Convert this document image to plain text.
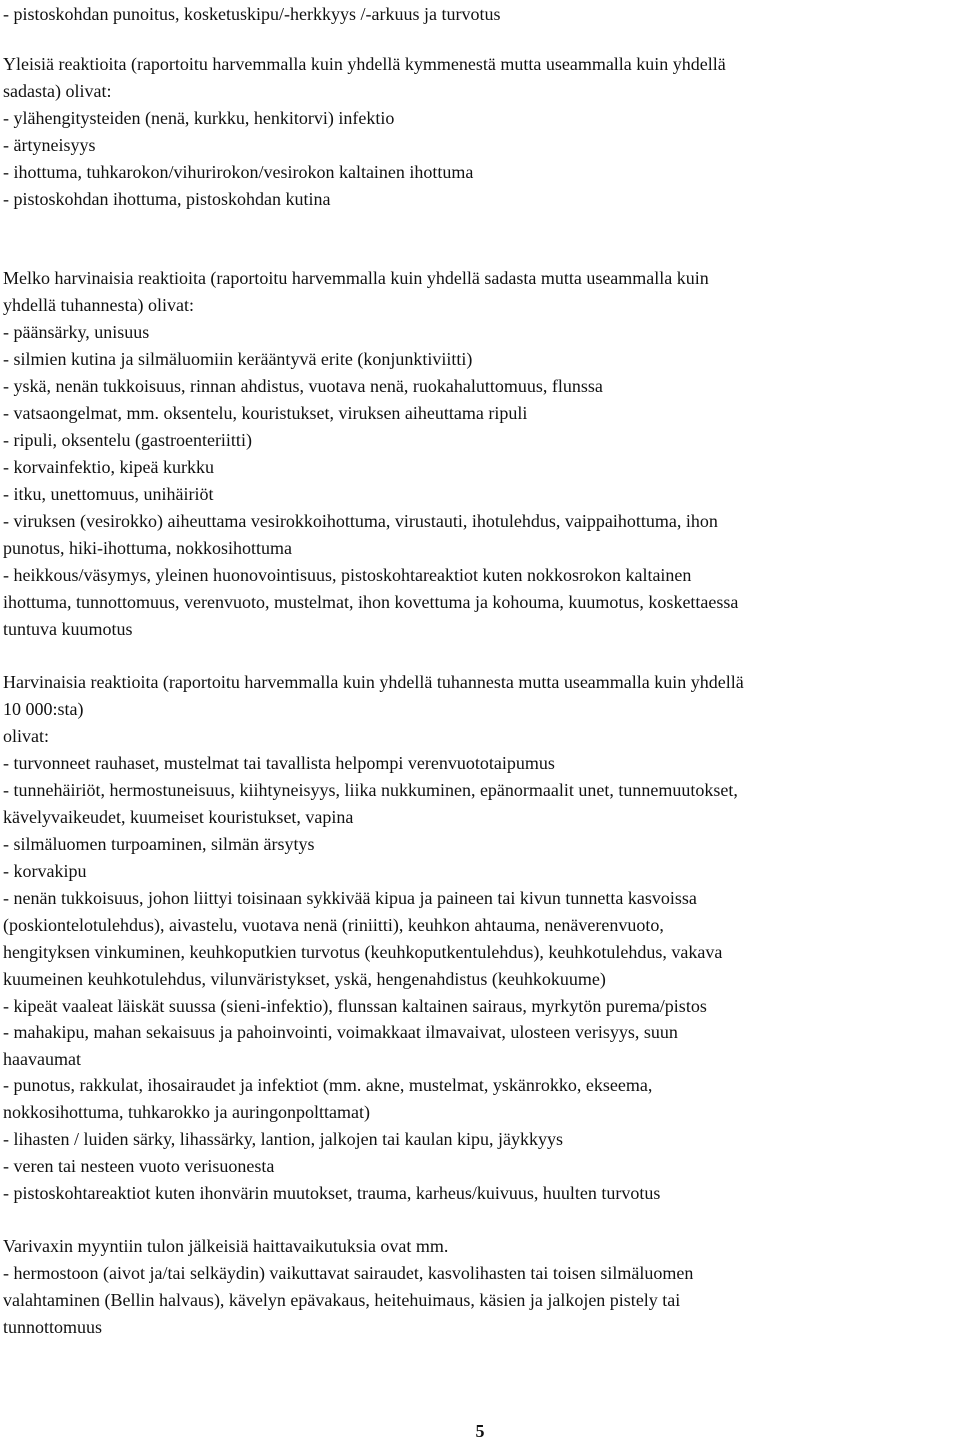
- pistoskohdan punoitus, kosketuskipu/-herkkyys /-arkuus ja turvotus
Yleisiä reaktioita (raportoitu harvemmalla kuin yhdellä kymmenestä mutta useammalla kuin yhdellä
sadasta) olivat:
- ylähengitysteiden (nenä, kurkku, henkitorvi) infektio
- ärtyneisyys
- ihottuma, tuhkarokon/vihurirokon/vesirokon kaltainen ihottuma
- pistoskohdan ihottuma, pistoskohdan kutina
Melko harvinaisia reaktioita (raportoitu harvemmalla kuin yhdellä sadasta mutta useammalla kuin
yhdellä tuhannesta) olivat:
- päänsärky, unisuus
- silmien kutina ja silmäluomiin kerääntyvä erite (konjunktiviitti)
- yskä, nenän tukkoisuus, rinnan ahdistus, vuotava nenä, ruokahaluttomuus, flunssa
- vatsaongelmat, mm. oksentelu, kouristukset, viruksen aiheuttama ripuli
- ripuli, oksentelu (gastroenteriitti)
- korvainfektio, kipeä kurkku
- itku, unettomuus, unihäiriöt
- viruksen (vesirokko) aiheuttama vesirokkoihottuma, virustauti, ihotulehdus, vaippaihottuma, ihon
punotus, hiki-ihottuma, nokkosihottuma
- heikkous/väsymys, yleinen huonovointisuus, pistoskohtareaktiot kuten nokkosrokon kaltainen
ihottuma, tunnottomuus, verenvuoto, mustelmat, ihon kovettuma ja kohouma, kuumotus, koskettaessa
tuntuva kuumotus
Harvinaisia reaktioita (raportoitu harvemmalla kuin yhdellä tuhannesta mutta useammalla kuin yhdellä
10 000:sta)
olivat:
- turvonneet rauhaset, mustelmat tai tavallista helpompi verenvuototaipumus
- tunnehäiriöt, hermostuneisuus, kiihtyneisyys, liika nukkuminen, epänormaalit unet, tunnemuutokset,
kävelyvaikeudet, kuumeiset kouristukset, vapina
- silmäluomen turpoaminen, silmän ärsytys
- korvakipu
- nenän tukkoisuus, johon liittyi toisinaan sykkivää kipua ja paineen tai kivun tunnetta kasvoissa
(poskiontelotulehdus), aivastelu, vuotava nenä (riniitti), keuhkon ahtauma, nenäverenvuoto,
hengityksen vinkuminen, keuhkoputkien turvotus (keuhkoputkentulehdus), keuhkotulehdus, vakava
kuumeinen keuhkotulehdus, vilunväristykset, yskä, hengenahdistus (keuhkokuume)
- kipeät vaaleat läiskät suussa (sieni-infektio), flunssan kaltainen sairaus, myrkytön purema/pistos
- mahakipu, mahan sekaisuus ja pahoinvointi, voimakkaat ilmavaivat, ulosteen verisyys, suun
haavaumat
- punotus, rakkulat, ihosairaudet ja infektiot (mm. akne, mustelmat, yskänrokko, ekseema,
nokkosihottuma, tuhkarokko ja auringonpolttamat)
- lihasten / luiden särky, lihassärky, lantion, jalkojen tai kaulan kipu, jäykkyys
- veren tai nesteen vuoto verisuonesta
- pistoskohtareaktiot kuten ihonvärin muutokset, trauma, karheus/kuivuus, huulten turvotus
Varivaxin myyntiin tulon jälkeisiä haittavaikutuksia ovat mm.
- hermostoon (aivot ja/tai selkäydin) vaikuttavat sairaudet, kasvolihasten tai toisen silmäluomen
valahtaminen (Bellin halvaus), kävelyn epävakaus, heitehuimaus, käsien ja jalkojen pistely tai
tunnottomuus
5
